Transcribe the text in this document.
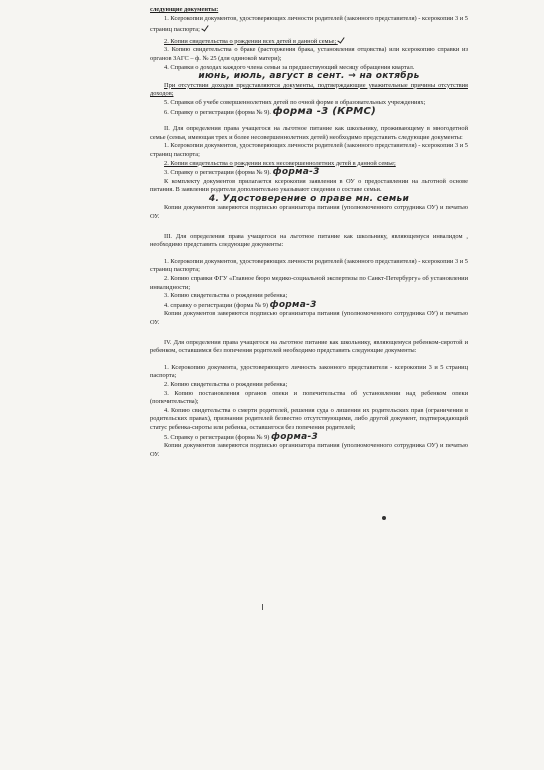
следующие документы:

1. Ксерокопии документов, удостоверяющих личности родителей (законного представителя) - ксерокопии 3 и 5 страниц паспорта;

2. Копии свидетельства о рождении всех детей в данной семье;

3. Копию свидетельства о браке (расторжения брака, установления отцовства) или ксерокопию справки из органов ЗАГС – ф. № 25 (для одинокой матери);

4. Справки о доходах каждого члена семьи за предшествующий месяцу обращения квартал.

июнь, июль, август в сент. → на октябрь

При отсутствии доходов представляются документы, подтверждающие уважительные причины отсутствия доходов;

5. Справки об учебе совершеннолетних детей по очной форме в образовательных учреждениях;

6. Справку о регистрации (форма № 9). форма -3 (КРМС)

II. Для определения права учащегося на льготное питание как школьнику, проживающему в многодетной семье (семья, имеющая трех и более несовершеннолетних детей) необходимо представить следующие документы:

1. Ксерокопии документов, удостоверяющих личности родителей (законного представителя) - ксерокопии 3 и 5 страниц паспорта;

2. Копии свидетельства о рождении всех несовершеннолетних детей в данной семье;

3. Справку о регистрации (форма № 9). форма-3

К комплекту документов прилагается ксерокопия заявления в ОУ о предоставлении на льготной основе питания. В заявлении родители дополнительно указывают сведения о составе семьи.

4. Удостоверение о праве мн. семьи

Копии документов заверяются подписью организатора питания (уполномоченного сотрудника ОУ) и печатью ОУ.

III. Для определения права учащегося на льготное питание как школьнику, являющемуся инвалидом , необходимо представить следующие документы:

1. Ксерокопии документов, удостоверяющих личности родителей (законного представителя) - ксерокопии 3 и 5 страниц паспорта;

2. Копию справки ФГУ «Главное бюро медико-социальной экспертизы по Санкт-Петербургу» об установлении инвалидности;

3. Копию свидетельства о рождении ребенка;

4. справку о регистрации (форма № 9) форма-3

Копии документов заверяются подписью организатора питания (уполномоченного сотрудника ОУ) и печатью ОУ.

IV. Для определения права учащегося на льготное питание как школьнику, являющемуся ребенком-сиротой и ребенком, оставшимся без попечения родителей необходимо представить следующие документы:

1. Ксерокопию документа, удостоверяющего личность законного представителя - ксерокопии 3 и 5 страниц паспорта;

2. Копию свидетельства о рождении ребенка;

3. Копию постановления органов опеки и попечительства об установлении над ребенком опеки (попечительства);

4. Копию свидетельства о смерти родителей, решения суда о лишении их родительских прав (ограничении в родительских правах), признании родителей безвестно отсутствующими, либо другой документ, подтверждающий статус ребенка-сироты или ребенка, оставшегося без попечения родителей;

5. Справку о регистрации (форма № 9) форма-3

Копии документов заверяются подписью организатора питания (уполномоченного сотрудника ОУ) и печатью ОУ.
